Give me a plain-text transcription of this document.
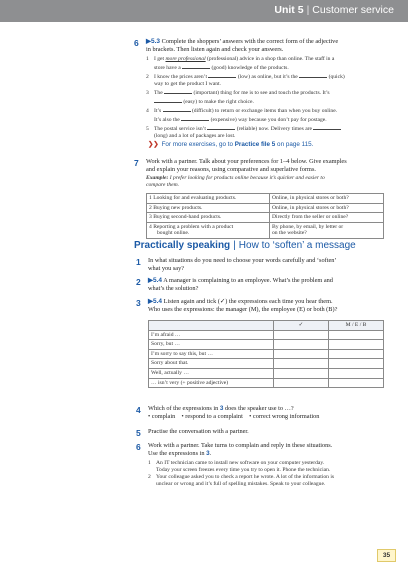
Unit 5 | Customer service
6 ▶5.3 Complete the shoppers’ answers with the correct form of the adjective
in brackets. Then listen again and check your answers.
1 I get more professional (professional) advice in a shop than online. The staff in a
store have a	(good) knowledge of the products.
2 I know the prices aren’t	(low) as online, but it’s the	(quick)
way to get the product I want.
3 The	(important) thing for me is to see and touch the products. It’s
(easy) to make the right choice.
4 It’s	(difficult) to return or exchange items than when you buy online.
It’s also the	(expensive) way because you don’t pay for postage.
5 The postal service isn’t	(reliable) now. Delivery times are
(long) and a lot of packages are lost.
❯❯ For more exercises, go to Practice file 5 on page 115.
7 Work with a partner. Talk about your preferences for 1–4 below. Give examples
and explain your reasons, using comparative and superlative forms.
Example: I prefer looking for products online because it’s quicker and easier to
compare them.
1 Looking for and evaluating products.	Online, in physical stores or both?
2 Buying new products.	Online, in physical stores or both?
3 Buying second-hand products.	Directly from the seller or online?
4 Reporting a problem with a product
bought online.	By phone, by email, by letter or
on the website?
Practically speaking | How to ‘soften’ a message
1 In what situations do you need to choose your words carefully and ‘soften’
what you say?
2 ▶5.4 A manager is complaining to an employee. What’s the problem and
what’s the solution?
3 ▶5.4 Listen again and tick (✓) the expressions each time you hear them.
Who uses the expressions: the manager (M), the employee (E) or both (B)?
	✓	M / E / B
I’m afraid …		
Sorry, but …		
I’m sorry to say this, but …		
Sorry about that.		
Well, actually …		
… isn’t very (+ positive adjective)		
4 Which of the expressions in 3 does the speaker use to …?
• complain • respond to a complaint • correct wrong information
5 Practise the conversation with a partner.
6 Work with a partner. Take turns to complain and reply in these situations.
Use the expressions in 3.
1 An IT technician came to install new software on your computer yesterday.
Today your screen freezes every time you try to open it. Phone the technician.
2 Your colleague asked you to check a report he wrote. A lot of the information is
unclear or wrong and it’s full of spelling mistakes. Speak to your colleague.
35
